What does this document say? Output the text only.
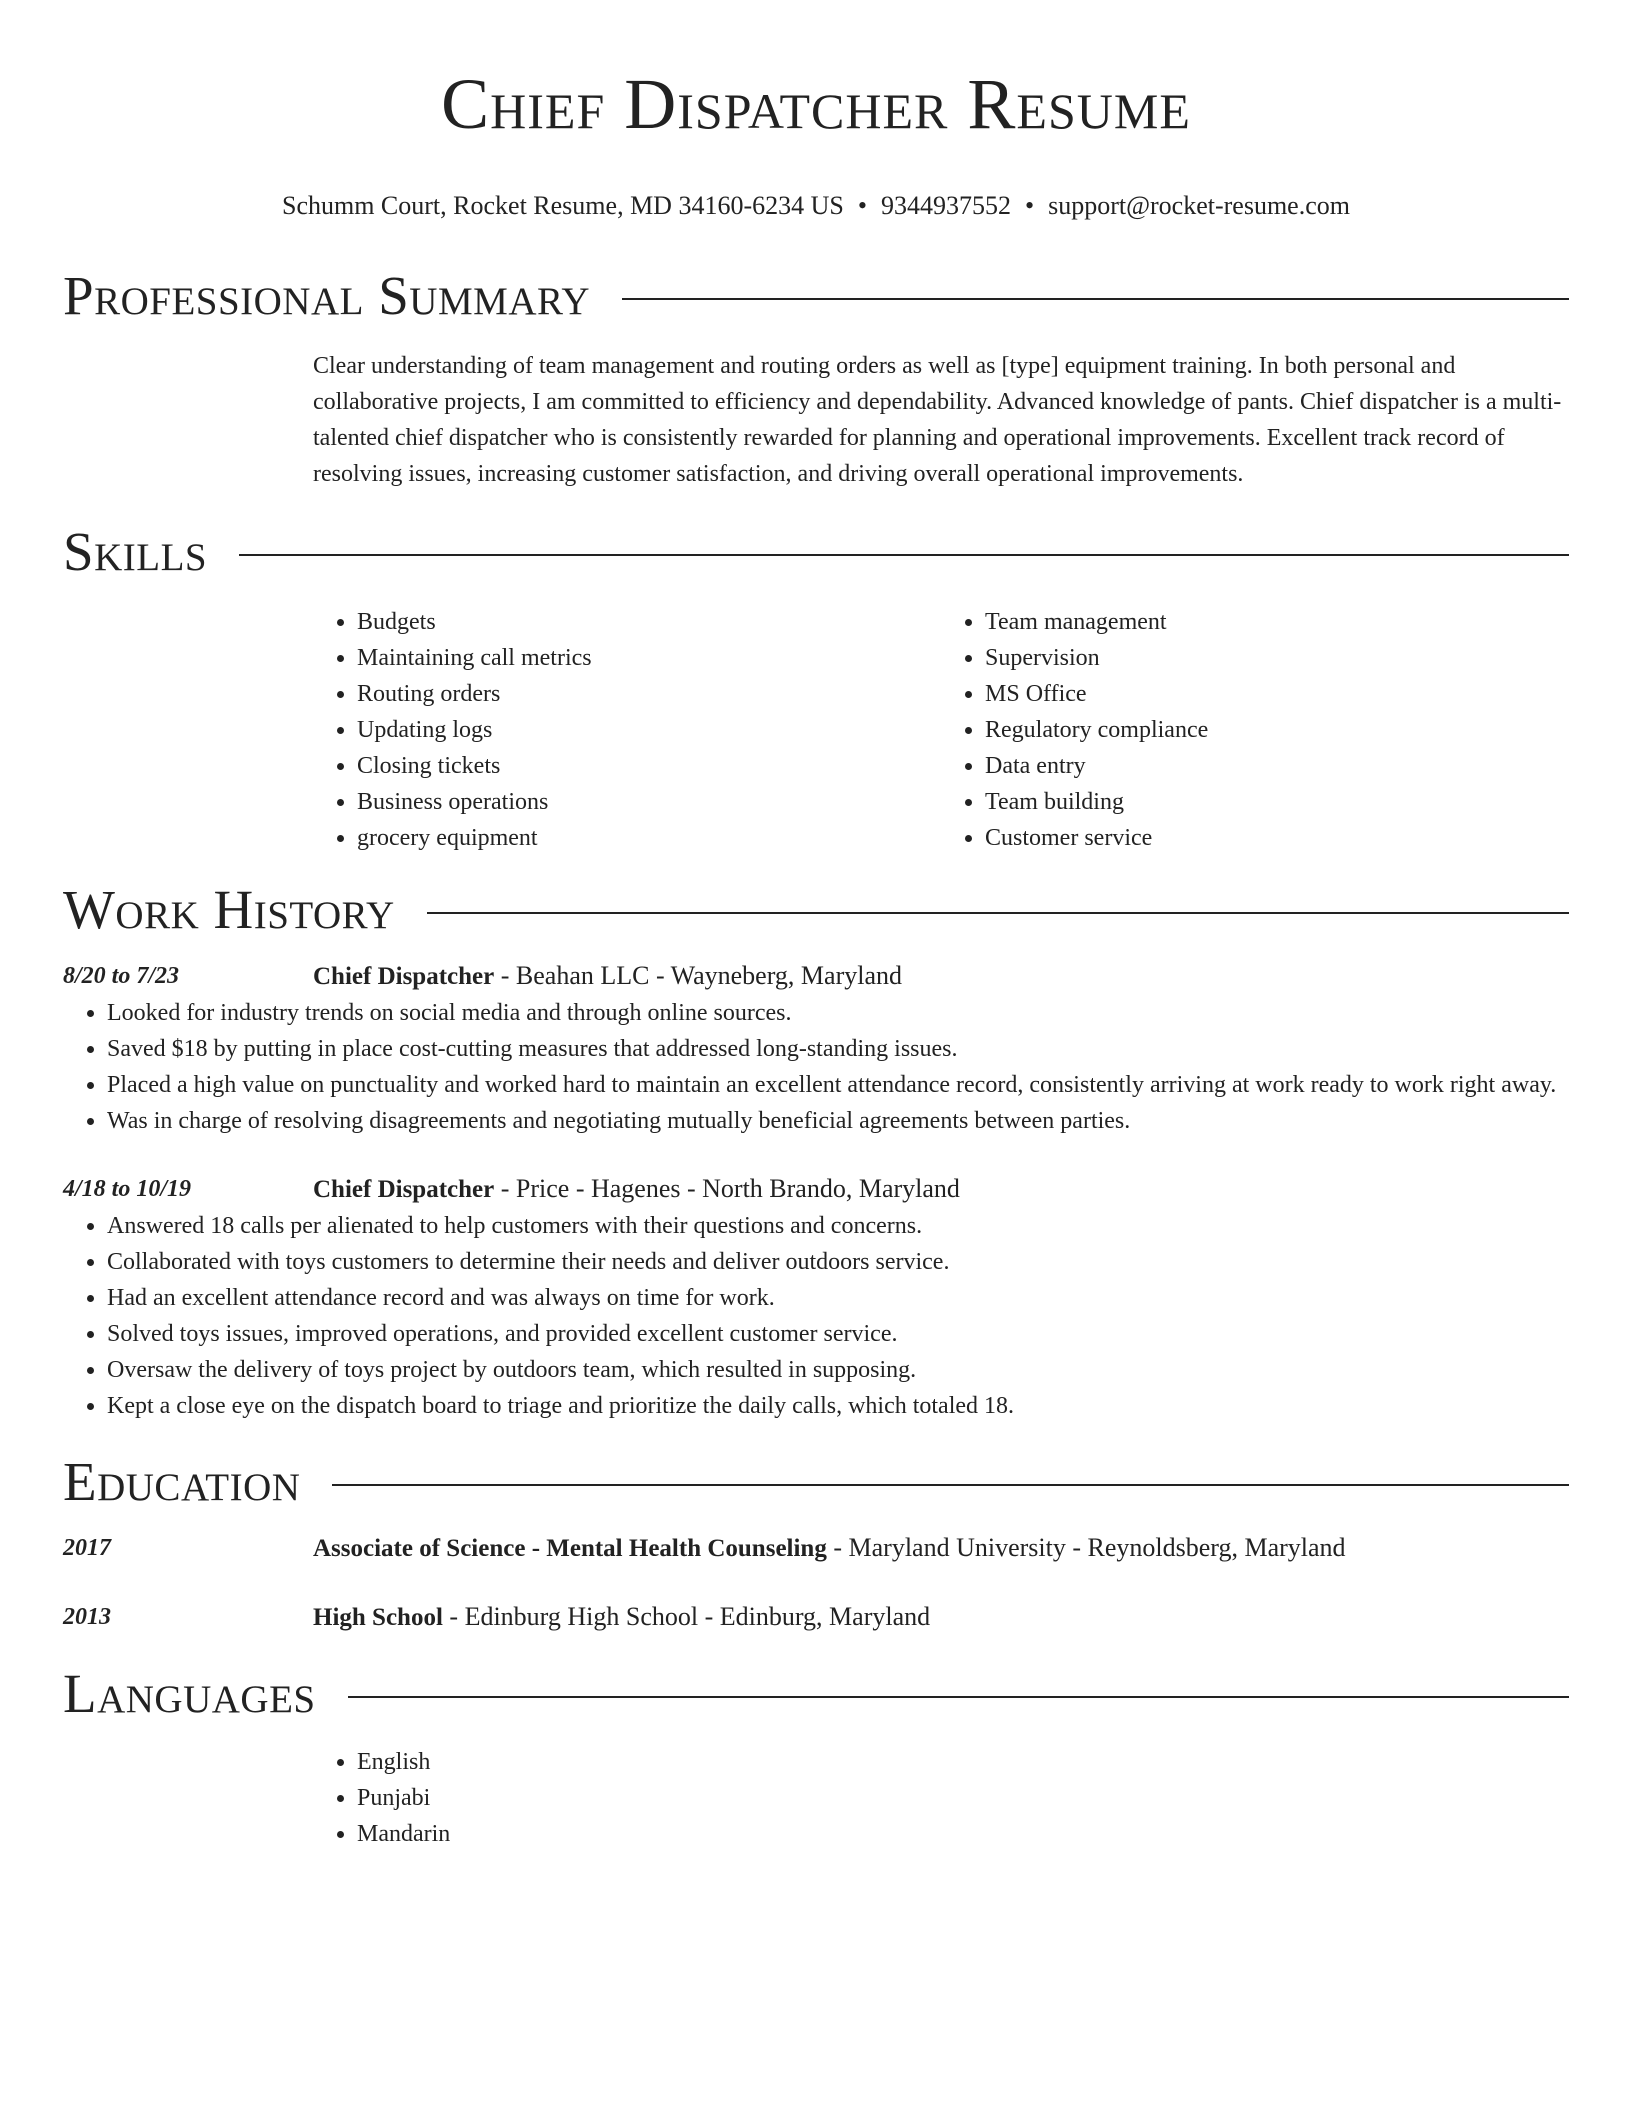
Chief Dispatcher Resume
Schumm Court, Rocket Resume, MD 34160-6234 US • 9344937552 • support@rocket-resume.com
Professional Summary

Clear understanding of team management and routing orders as well as [type] equipment training. In both personal and collaborative projects, I am committed to efficiency and dependability. Advanced knowledge of pants. Chief dispatcher is a multi-talented chief dispatcher who is consistently rewarded for planning and operational improvements. Excellent track record of resolving issues, increasing customer satisfaction, and driving overall operational improvements.

Skills
• Budgets
• Maintaining call metrics
• Routing orders
• Updating logs
• Closing tickets
• Business operations
• grocery equipment
• Team management
• Supervision
• MS Office
• Regulatory compliance
• Data entry
• Team building
• Customer service
Work History
8/20 to 7/23	Chief Dispatcher - Beahan LLC - Wayneberg, Maryland
• Looked for industry trends on social media and through online sources.
• Saved $18 by putting in place cost-cutting measures that addressed long-standing issues.
• Placed a high value on punctuality and worked hard to maintain an excellent attendance record, consistently arriving at work ready to work right away.
• Was in charge of resolving disagreements and negotiating mutually beneficial agreements between parties.
4/18 to 10/19	Chief Dispatcher - Price - Hagenes - North Brando, Maryland
• Answered 18 calls per alienated to help customers with their questions and concerns.
• Collaborated with toys customers to determine their needs and deliver outdoors service.
• Had an excellent attendance record and was always on time for work.
• Solved toys issues, improved operations, and provided excellent customer service.
• Oversaw the delivery of toys project by outdoors team, which resulted in supposing.
• Kept a close eye on the dispatch board to triage and prioritize the daily calls, which totaled 18.
Education
2017	Associate of Science - Mental Health Counseling - Maryland University - Reynoldsberg, Maryland
2013	High School - Edinburg High School - Edinburg, Maryland
Languages
• English
• Punjabi
• Mandarin
